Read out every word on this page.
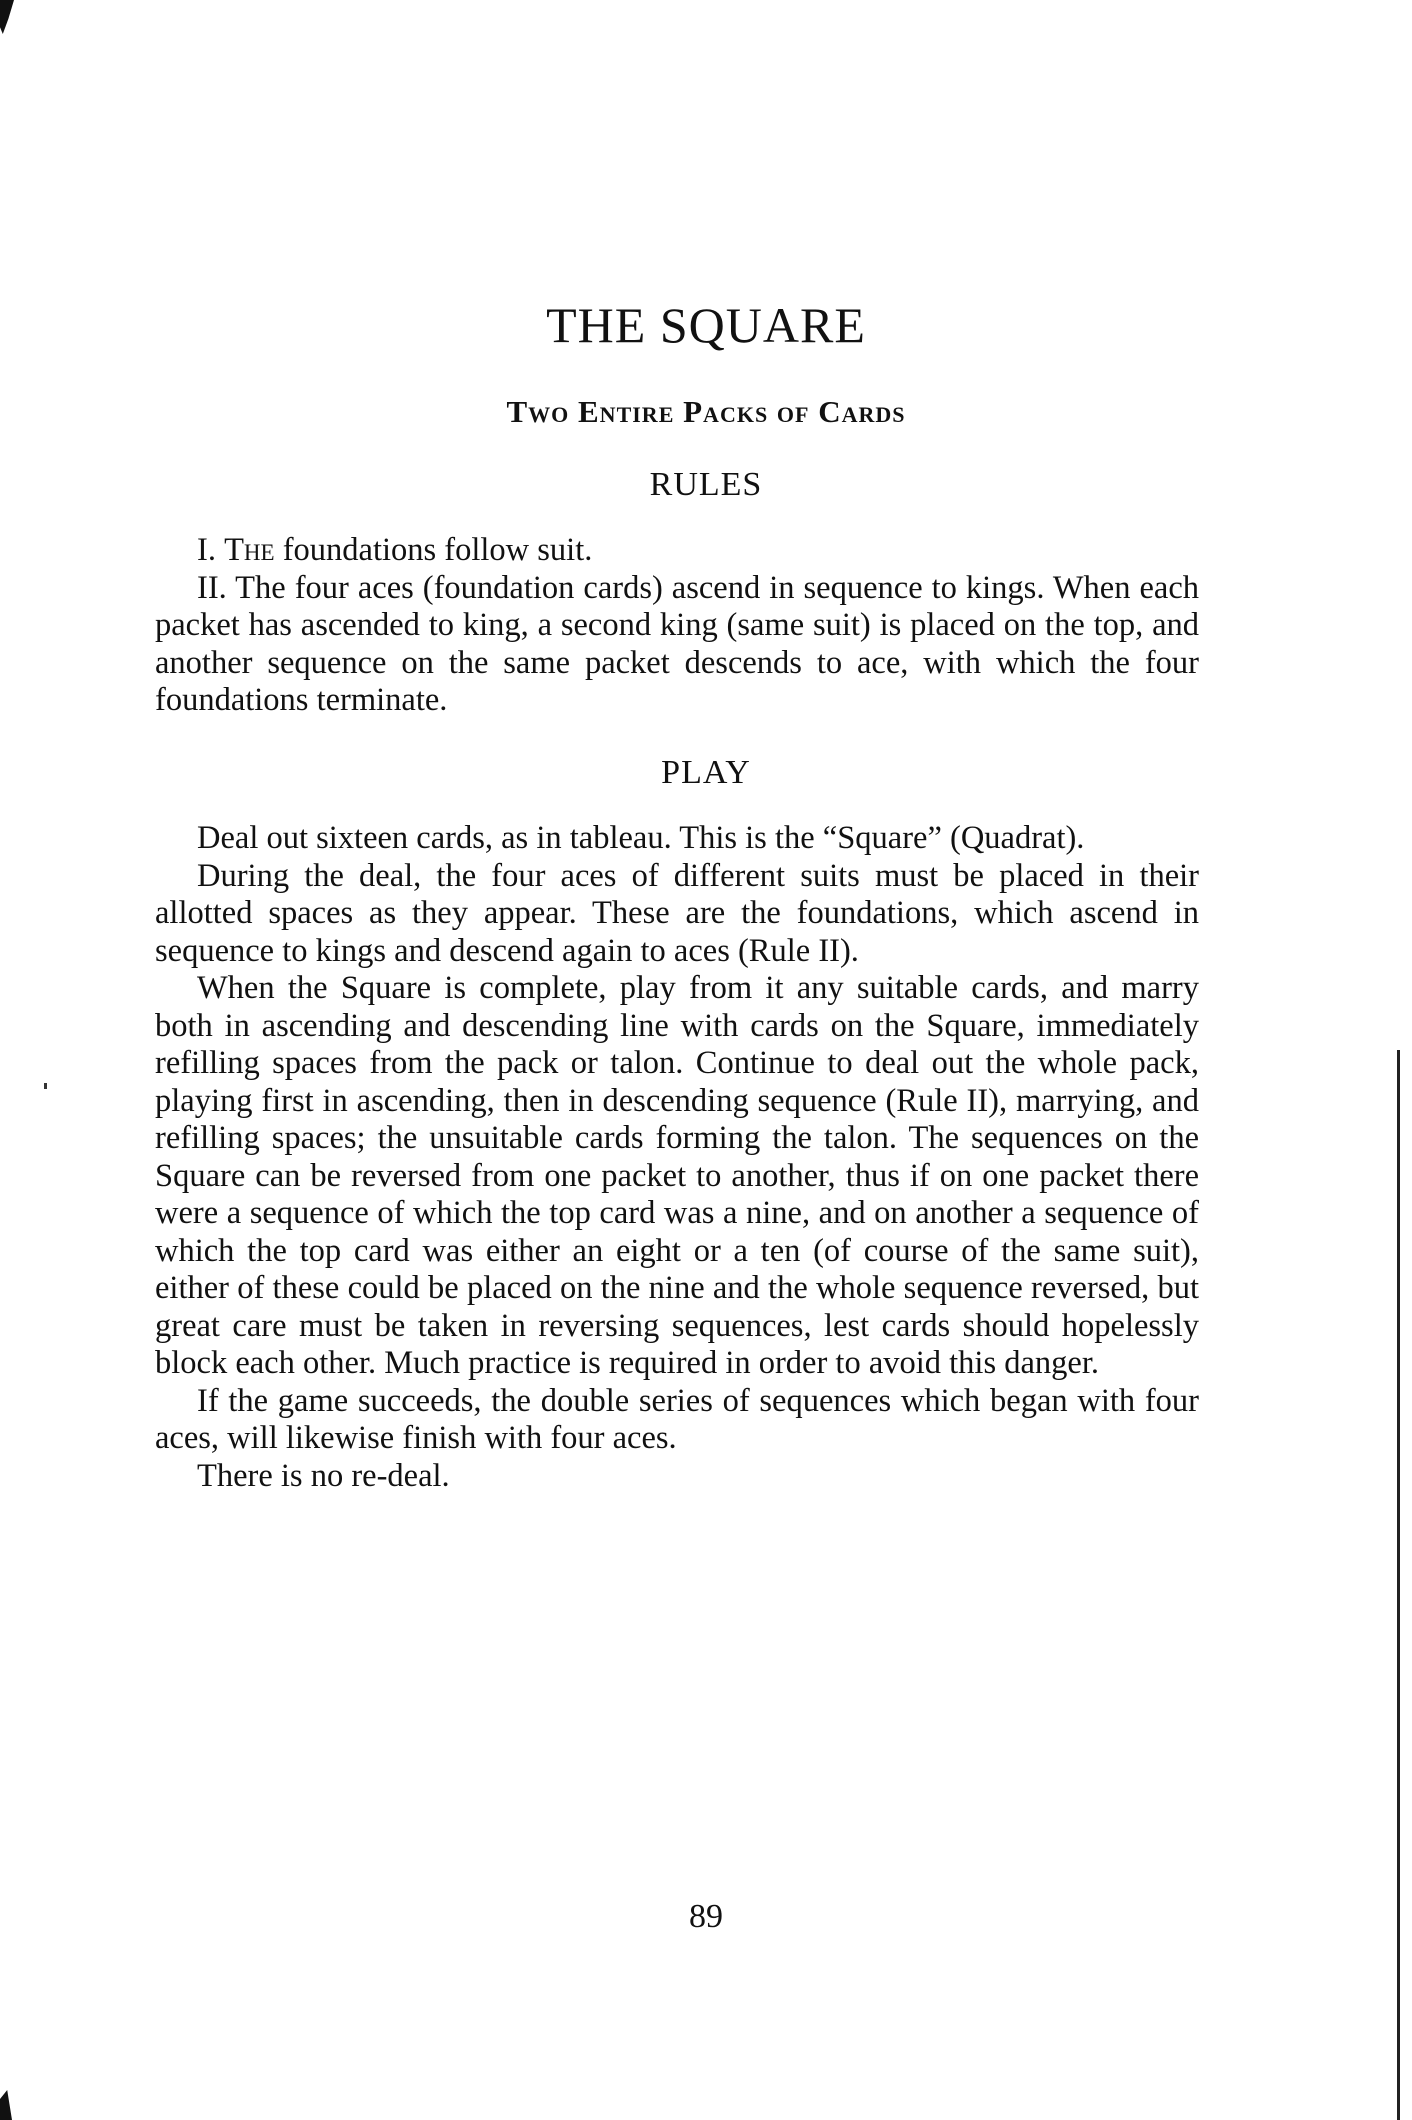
THE SQUARE
Two Entire Packs of Cards
RULES

I. The foundations follow suit.

II. The four aces (foundation cards) ascend in sequence to kings. When each packet has ascended to king, a second king (same suit) is placed on the top, and another sequence on the same packet descends to ace, with which the four foundations terminate.

PLAY

Deal out sixteen cards, as in tableau. This is the “Square” (Quadrat).

During the deal, the four aces of different suits must be placed in their allotted spaces as they appear. These are the foundations, which ascend in sequence to kings and descend again to aces (Rule II).

When the Square is complete, play from it any suitable cards, and marry both in ascending and descending line with cards on the Square, immediately refilling spaces from the pack or talon. Continue to deal out the whole pack, playing first in ascending, then in descending sequence (Rule II), marrying, and refilling spaces; the unsuitable cards forming the talon. The sequences on the Square can be reversed from one packet to another, thus if on one packet there were a sequence of which the top card was a nine, and on another a sequence of which the top card was either an eight or a ten (of course of the same suit), either of these could be placed on the nine and the whole sequence reversed, but great care must be taken in reversing sequences, lest cards should hopelessly block each other. Much practice is required in order to avoid this danger.

If the game succeeds, the double series of sequences which began with four aces, will likewise finish with four aces.

There is no re-deal.

89
